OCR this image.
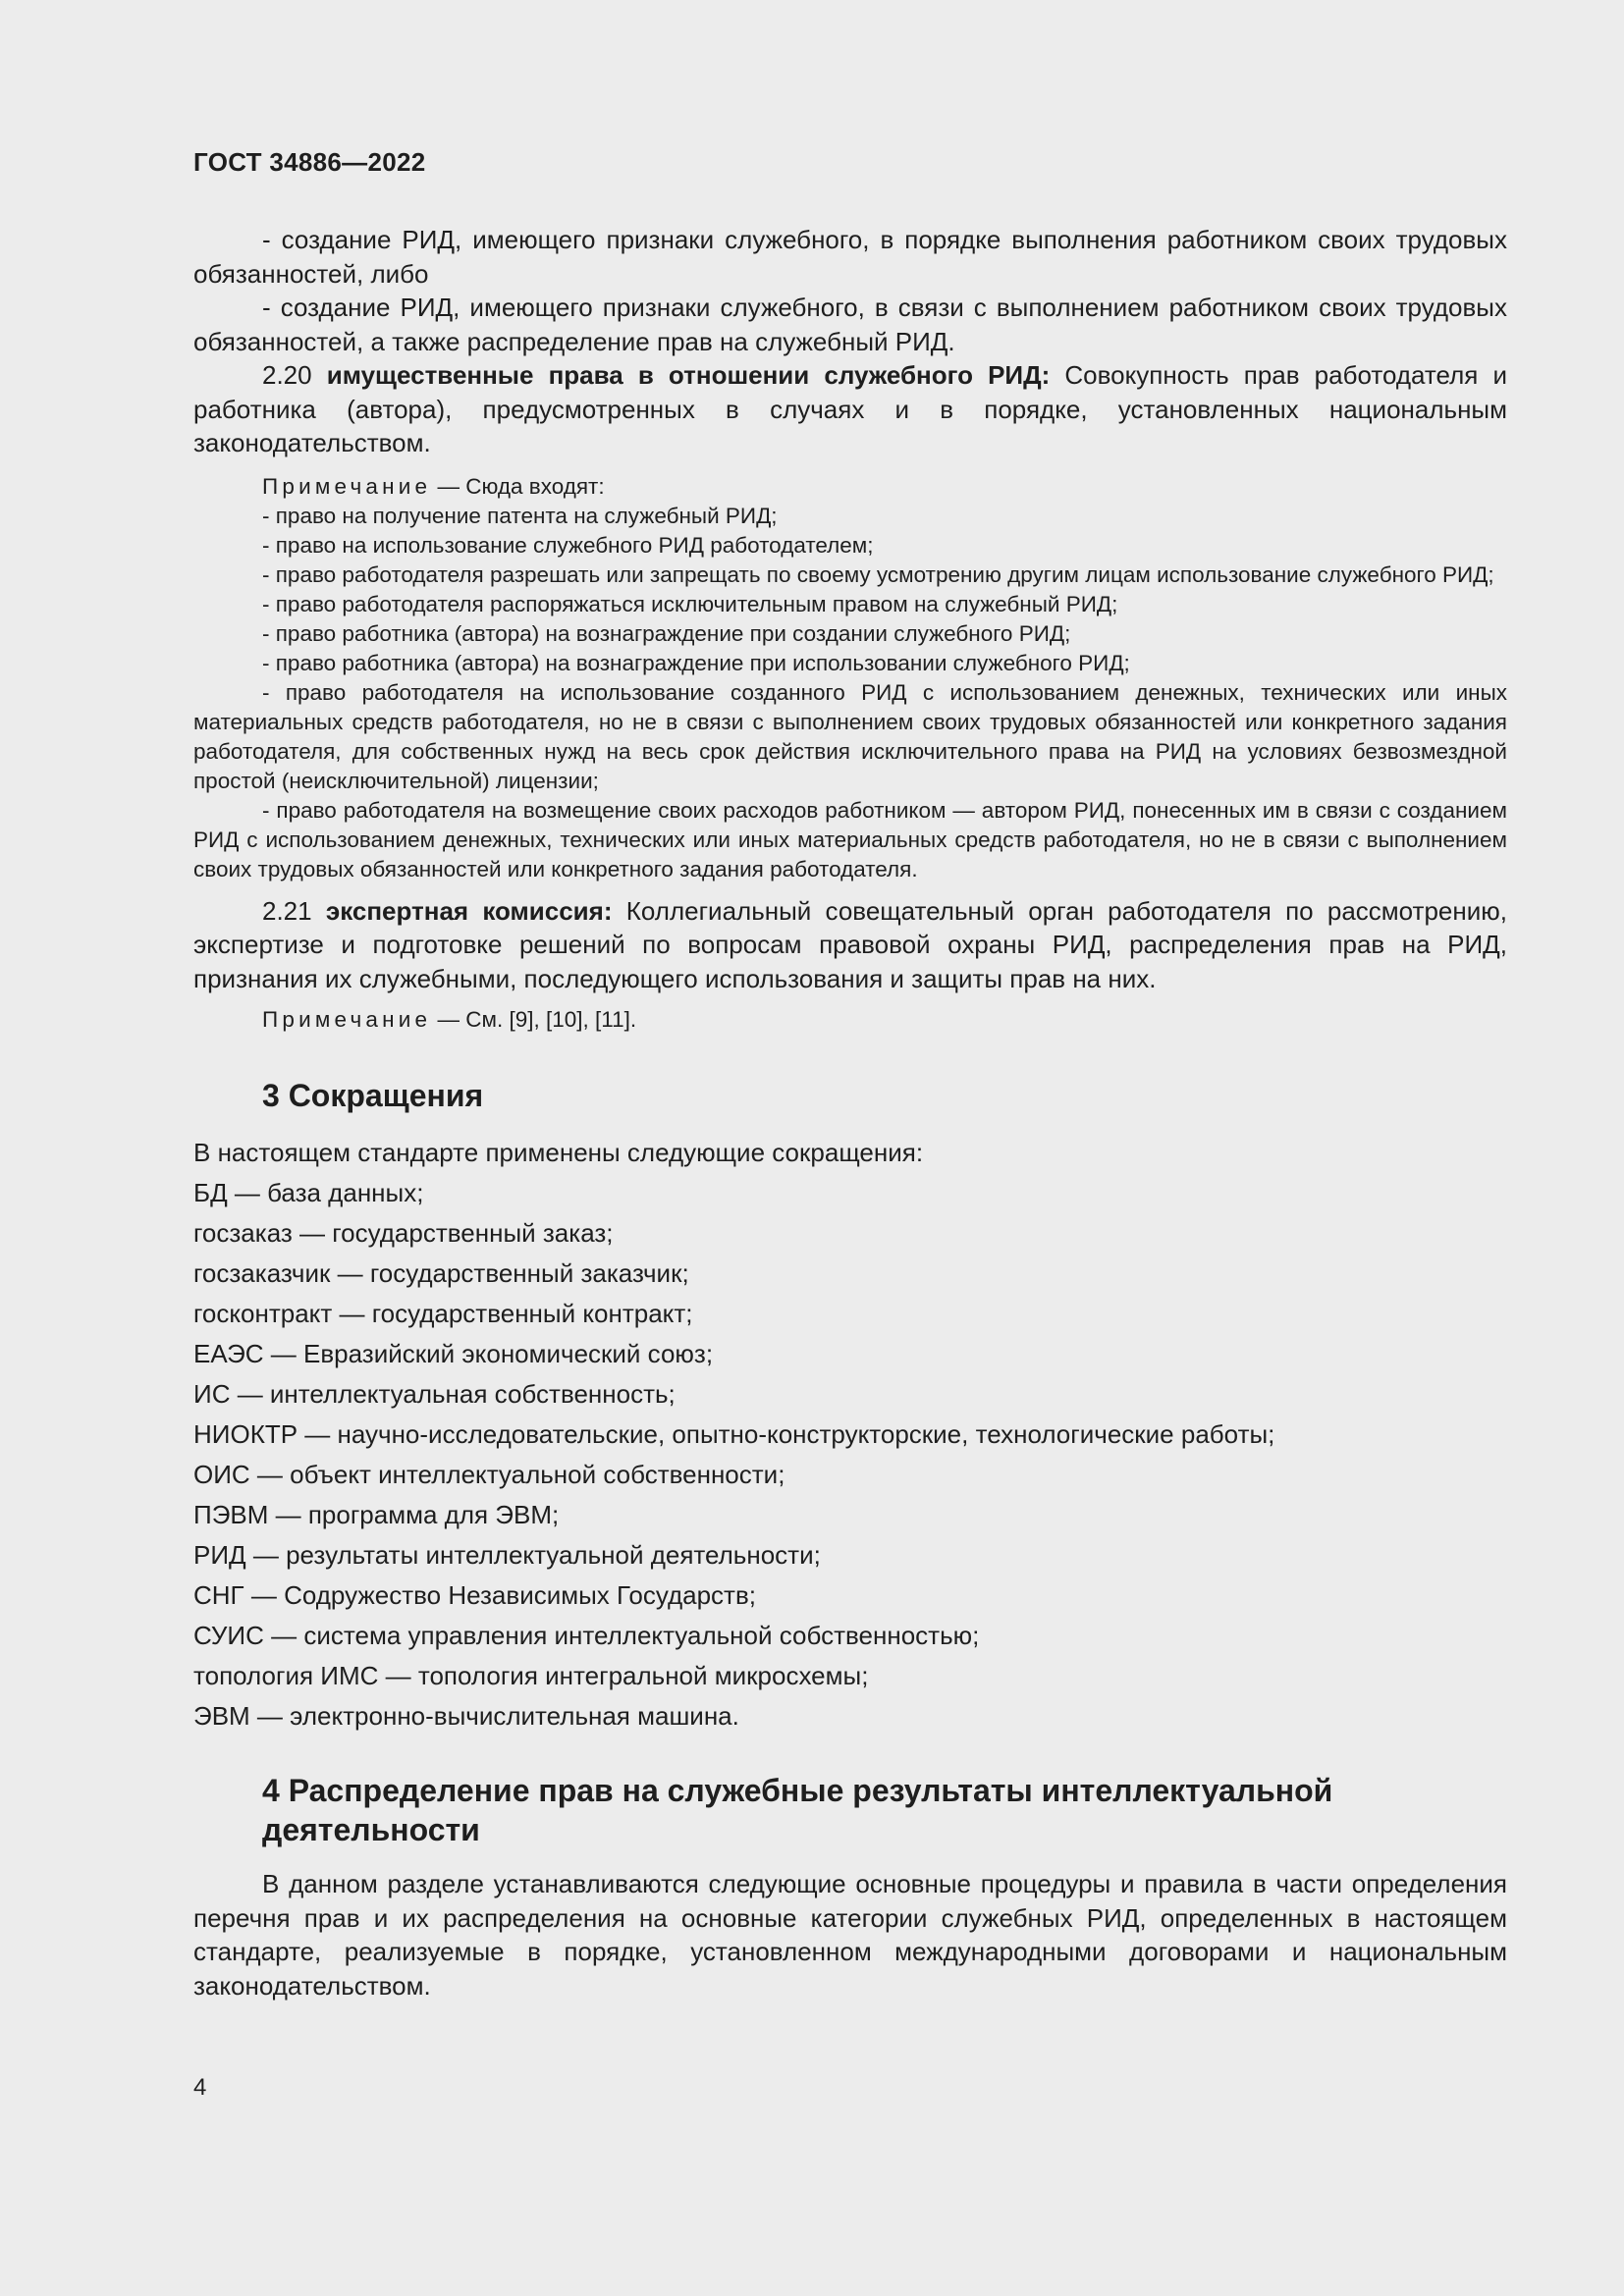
ГОСТ 34886—2022

- создание РИД, имеющего признаки служебного, в порядке выполнения работником своих трудовых обязанностей, либо

- создание РИД, имеющего признаки служебного, в связи с выполнением работником своих трудовых обязанностей, а также распределение прав на служебный РИД.

2.20 имущественные права в отношении служебного РИД: Совокупность прав работодателя и работника (автора), предусмотренных в случаях и в порядке, установленных национальным законодательством.

Примечание — Сюда входят:

- право на получение патента на служебный РИД;

- право на использование служебного РИД работодателем;

- право работодателя разрешать или запрещать по своему усмотрению другим лицам использование служебного РИД;

- право работодателя распоряжаться исключительным правом на служебный РИД;

- право работника (автора) на вознаграждение при создании служебного РИД;

- право работника (автора) на вознаграждение при использовании служебного РИД;

- право работодателя на использование созданного РИД с использованием денежных, технических или иных материальных средств работодателя, но не в связи с выполнением своих трудовых обязанностей или конкретного задания работодателя, для собственных нужд на весь срок действия исключительного права на РИД на условиях безвозмездной простой (неисключительной) лицензии;

- право работодателя на возмещение своих расходов работником — автором РИД, понесенных им в связи с созданием РИД с использованием денежных, технических или иных материальных средств работодателя, но не в связи с выполнением своих трудовых обязанностей или конкретного задания работодателя.

2.21 экспертная комиссия: Коллегиальный совещательный орган работодателя по рассмотрению, экспертизе и подготовке решений по вопросам правовой охраны РИД, распределения прав на РИД, признания их служебными, последующего использования и защиты прав на них.

Примечание — См. [9], [10], [11].

3 Сокращения

В настоящем стандарте применены следующие сокращения:

БД — база данных;

госзаказ — государственный заказ;

госзаказчик — государственный заказчик;

госконтракт — государственный контракт;

ЕАЭС — Евразийский экономический союз;

ИС — интеллектуальная собственность;

НИОКТР — научно-исследовательские, опытно-конструкторские, технологические работы;

ОИС — объект интеллектуальной собственности;

ПЭВМ — программа для ЭВМ;

РИД — результаты интеллектуальной деятельности;

СНГ — Содружество Независимых Государств;

СУИС — система управления интеллектуальной собственностью;

топология ИМС — топология интегральной микросхемы;

ЭВМ — электронно-вычислительная машина.

4 Распределение прав на служебные результаты интеллектуальной
деятельности

В данном разделе устанавливаются следующие основные процедуры и правила в части определения перечня прав и их распределения на основные категории служебных РИД, определенных в настоящем стандарте, реализуемые в порядке, установленном международными договорами и национальным законодательством.

4
